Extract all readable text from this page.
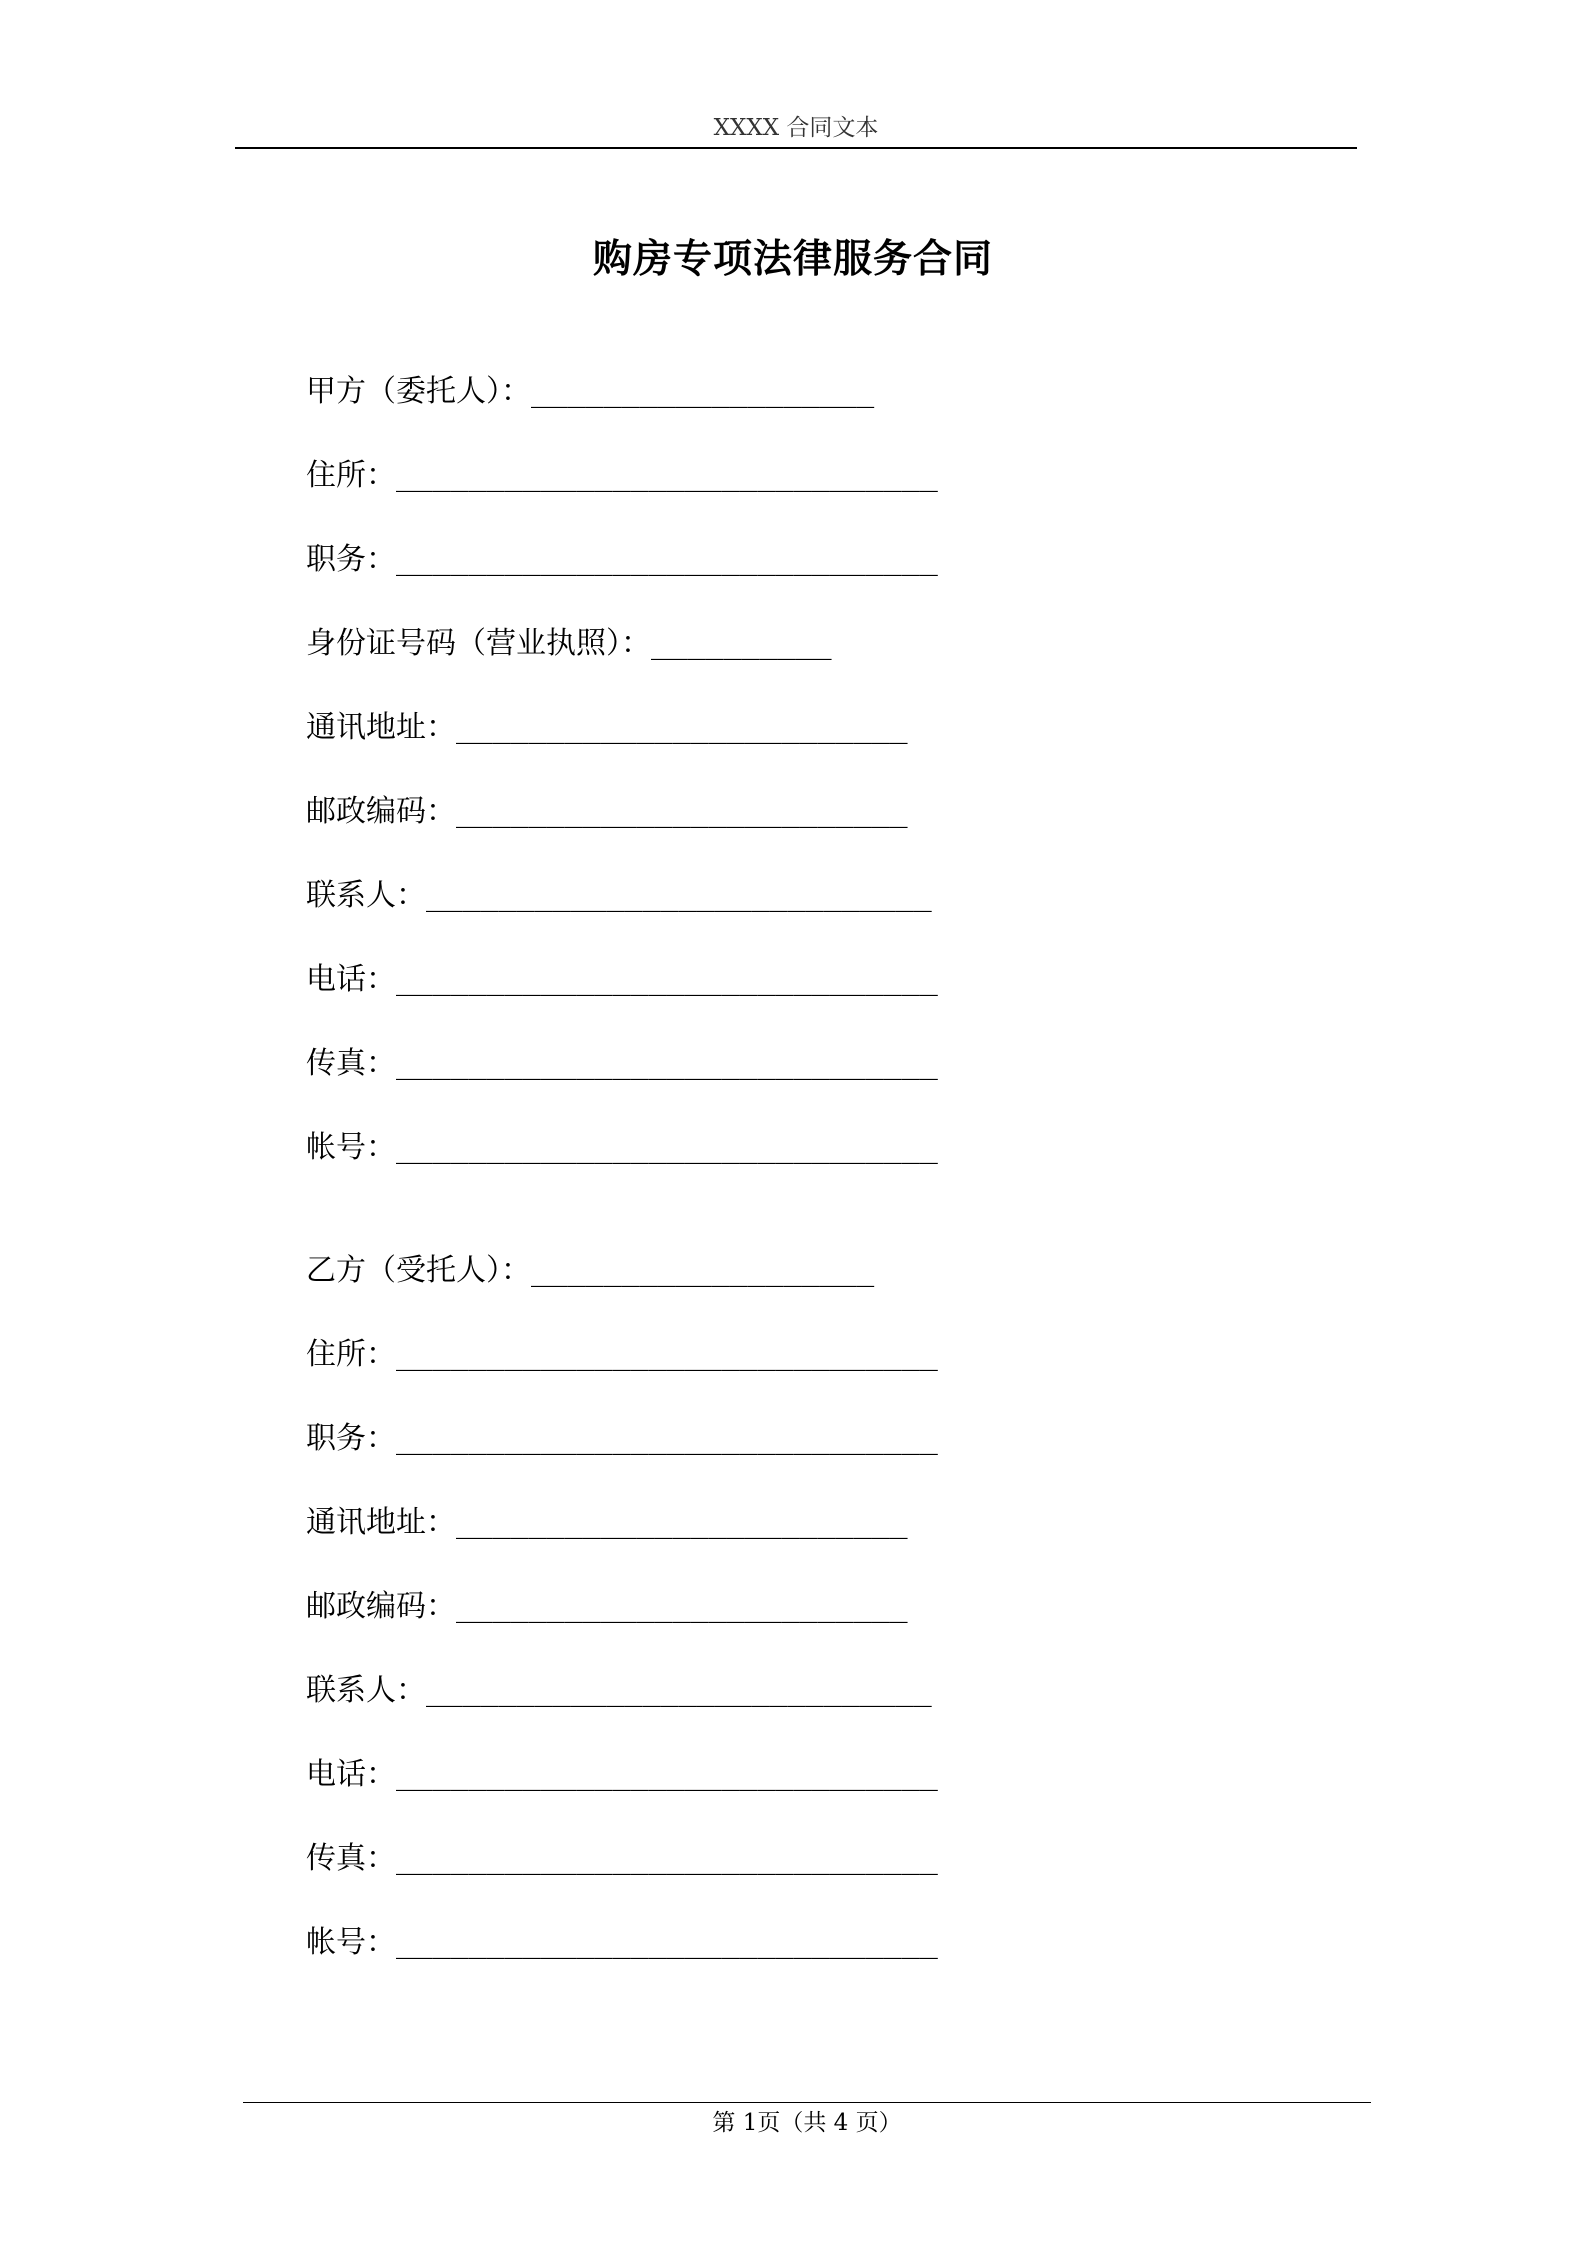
XXXX 合同文本
购房专项法律服务合同
甲方（委托人）： ___________________
住所： ______________________________
职务： ______________________________
身份证号码（营业执照）： __________
通讯地址： _________________________
邮政编码： _________________________
联系人： ____________________________
电话： ______________________________
传真： ______________________________
帐号： ______________________________
乙方（受托人）： ___________________
住所： ______________________________
职务： ______________________________
通讯地址： _________________________
邮政编码： _________________________
联系人： ____________________________
电话： ______________________________
传真： ______________________________
帐号： ______________________________
第 1页（共 4 页）
